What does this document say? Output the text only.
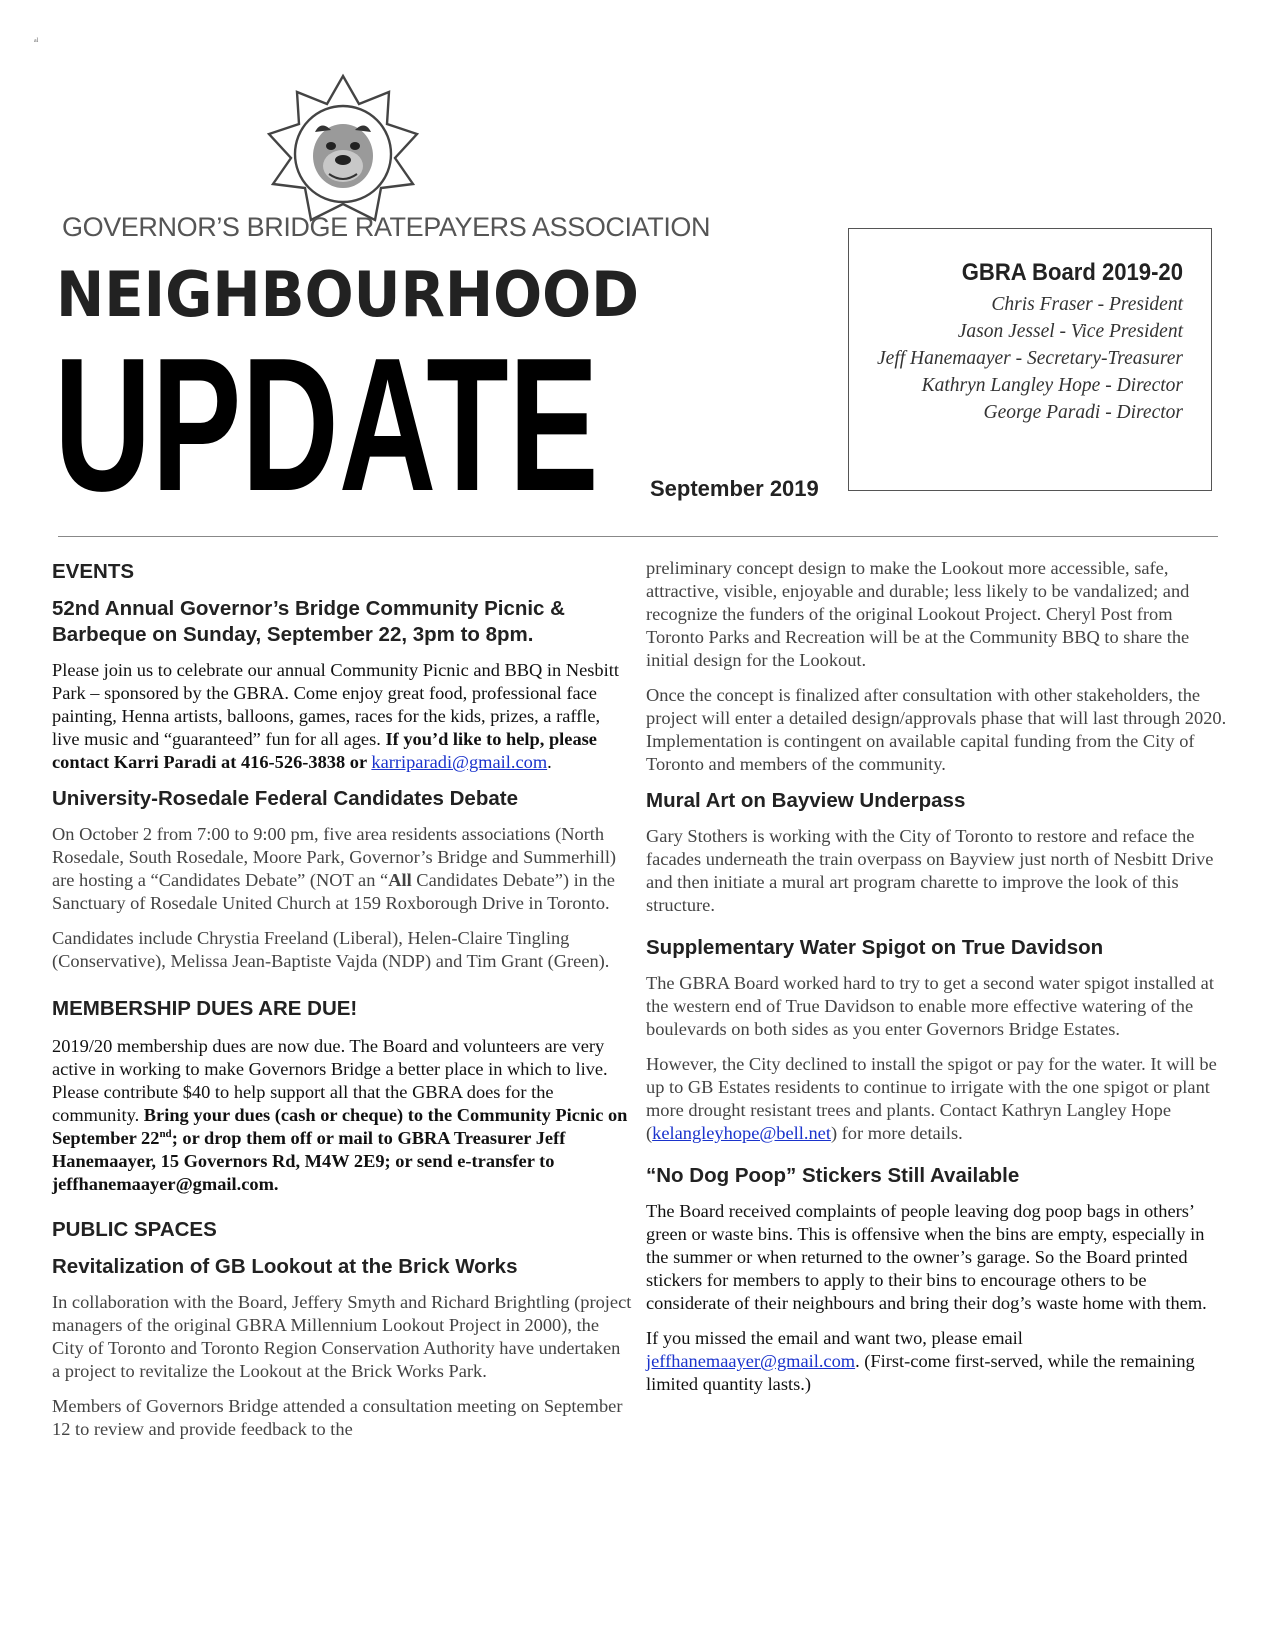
al
GOVERNOR’S BRIDGE RATEPAYERS ASSOCIATION
NEIGHBOURHOOD
UPDATE September 2019
GBRA Board 2019-20
Chris Fraser - President
Jason Jessel - Vice President
Jeff Hanemaayer - Secretary-Treasurer
Kathryn Langley Hope - Director
George Paradi - Director
EVENTS
52nd Annual Governor’s Bridge Community Picnic & Barbeque on Sunday, September 22, 3pm to 8pm.

Please join us to celebrate our annual Community Picnic and BBQ in Nesbitt Park – sponsored by the GBRA. Come enjoy great food, professional face painting, Henna artists, balloons, games, races for the kids, prizes, a raffle, live music and “guaranteed” fun for all ages. If you’d like to help, please contact Karri Paradi at 416-526-3838 or karriparadi@gmail.com.

University-Rosedale Federal Candidates Debate

On October 2 from 7:00 to 9:00 pm, five area residents associations (North Rosedale, South Rosedale, Moore Park, Governor’s Bridge and Summerhill) are hosting a “Candidates Debate” (NOT an “All Candidates Debate”) in the Sanctuary of Rosedale United Church at 159 Roxborough Drive in Toronto.

Candidates include Chrystia Freeland (Liberal), Helen-Claire Tingling (Conservative), Melissa Jean-Baptiste Vajda (NDP) and Tim Grant (Green).

MEMBERSHIP DUES ARE DUE!

2019/20 membership dues are now due. The Board and volunteers are very active in working to make Governors Bridge a better place in which to live. Please contribute $40 to help support all that the GBRA does for the community. Bring your dues (cash or cheque) to the Community Picnic on September 22nd; or drop them off or mail to GBRA Treasurer Jeff Hanemaayer, 15 Governors Rd, M4W 2E9; or send e-transfer to jeffhanemaayer@gmail.com.

PUBLIC SPACES
Revitalization of GB Lookout at the Brick Works

In collaboration with the Board, Jeffery Smyth and Richard Brightling (project managers of the original GBRA Millennium Lookout Project in 2000), the City of Toronto and Toronto Region Conservation Authority have undertaken a project to revitalize the Lookout at the Brick Works Park.

Members of Governors Bridge attended a consultation meeting on September 12 to review and provide feedback to the

preliminary concept design to make the Lookout more accessible, safe, attractive, visible, enjoyable and durable; less likely to be vandalized; and recognize the funders of the original Lookout Project. Cheryl Post from Toronto Parks and Recreation will be at the Community BBQ to share the initial design for the Lookout.

Once the concept is finalized after consultation with other stakeholders, the project will enter a detailed design/approvals phase that will last through 2020. Implementation is contingent on available capital funding from the City of Toronto and members of the community.

Mural Art on Bayview Underpass

Gary Stothers is working with the City of Toronto to restore and reface the facades underneath the train overpass on Bayview just north of Nesbitt Drive and then initiate a mural art program charette to improve the look of this structure.

Supplementary Water Spigot on True Davidson

The GBRA Board worked hard to try to get a second water spigot installed at the western end of True Davidson to enable more effective watering of the boulevards on both sides as you enter Governors Bridge Estates.

However, the City declined to install the spigot or pay for the water. It will be up to GB Estates residents to continue to irrigate with the one spigot or plant more drought resistant trees and plants. Contact Kathryn Langley Hope (kelangleyhope@bell.net) for more details.

“No Dog Poop” Stickers Still Available

The Board received complaints of people leaving dog poop bags in others’ green or waste bins. This is offensive when the bins are empty, especially in the summer or when returned to the owner’s garage. So the Board printed stickers for members to apply to their bins to encourage others to be considerate of their neighbours and bring their dog’s waste home with them.

If you missed the email and want two, please email jeffhanemaayer@gmail.com. (First-come first-served, while the remaining limited quantity lasts.)
